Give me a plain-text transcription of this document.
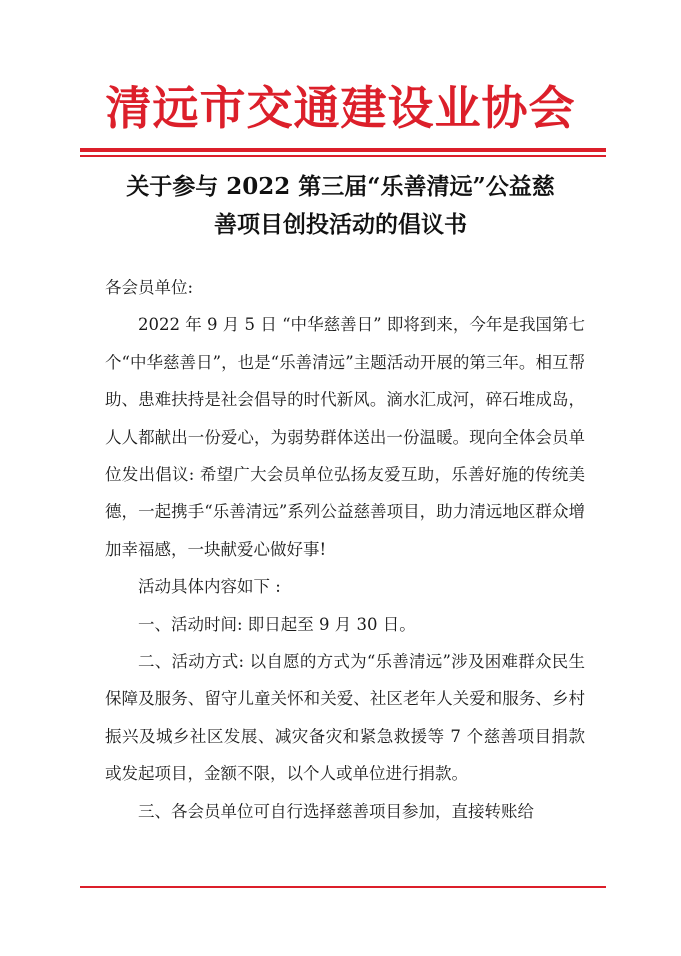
清远市交通建设业协会
关于参与 2022 第三届“乐善清远”公益慈
善项目创投活动的倡议书

各会员单位:

2022 年 9 月 5 日 “中华慈善日” 即将到来，今年是我国第七个“中华慈善日”，也是“乐善清远”主题活动开展的第三年。相互帮助、患难扶持是社会倡导的时代新风。滴水汇成河，碎石堆成岛，人人都献出一份爱心，为弱势群体送出一份温暖。现向全体会员单位发出倡议: 希望广大会员单位弘扬友爱互助，乐善好施的传统美德，一起携手“乐善清远”系列公益慈善项目，助力清远地区群众增加幸福感，一块献爱心做好事!

活动具体内容如下 :

一、活动时间: 即日起至 9 月 30 日。

二、活动方式: 以自愿的方式为“乐善清远”涉及困难群众民生保障及服务、留守儿童关怀和关爱、社区老年人关爱和服务、乡村振兴及城乡社区发展、减灾备灾和紧急救援等 7 个慈善项目捐款或发起项目，金额不限，以个人或单位进行捐款。

三、各会员单位可自行选择慈善项目参加，直接转账给
